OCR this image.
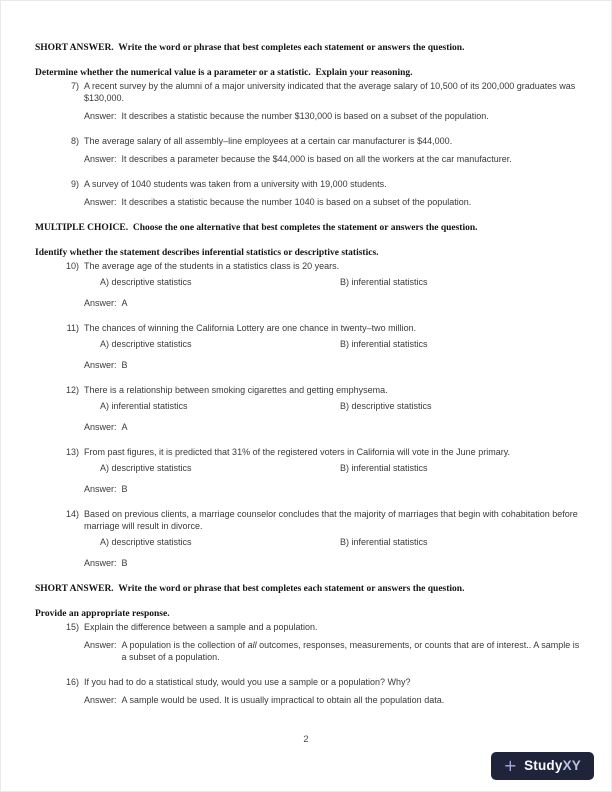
SHORT ANSWER.  Write the word or phrase that best completes each statement or answers the question.
Determine whether the numerical value is a parameter or a statistic.  Explain your reasoning.
7) A recent survey by the alumni of a major university indicated that the average salary of 10,500 of its 200,000 graduates was $130,000.
Answer: It describes a statistic because the number $130,000 is based on a subset of the population.
8) The average salary of all assembly–line employees at a certain car manufacturer is $44,000.
Answer: It describes a parameter because the $44,000 is based on all the workers at the car manufacturer.
9) A survey of 1040 students was taken from a university with 19,000 students.
Answer: It describes a statistic because the number 1040 is based on a subset of the population.
MULTIPLE CHOICE.  Choose the one alternative that best completes the statement or answers the question.
Identify whether the statement describes inferential statistics or descriptive statistics.
10) The average age of the students in a statistics class is 20 years.
A) descriptive statistics	B) inferential statistics
Answer: A
11) The chances of winning the California Lottery are one chance in twenty–two million.
A) descriptive statistics	B) inferential statistics
Answer: B
12) There is a relationship between smoking cigarettes and getting emphysema.
A) inferential statistics	B) descriptive statistics
Answer: A
13) From past figures, it is predicted that 31% of the registered voters in California will vote in the June primary.
A) descriptive statistics	B) inferential statistics
Answer: B
14) Based on previous clients, a marriage counselor concludes that the majority of marriages that begin with cohabitation before marriage will result in divorce.
A) descriptive statistics	B) inferential statistics
Answer: B
SHORT ANSWER.  Write the word or phrase that best completes each statement or answers the question.
Provide an appropriate response.
15) Explain the difference between a sample and a population.
Answer: A population is the collection of all outcomes, responses, measurements, or counts that are of interest.. A sample is a subset of a population.
16) If you had to do a statistical study, would you use a sample or a population? Why?
Answer: A sample would be used. It is usually impractical to obtain all the population data.
2
+ StudyXY
